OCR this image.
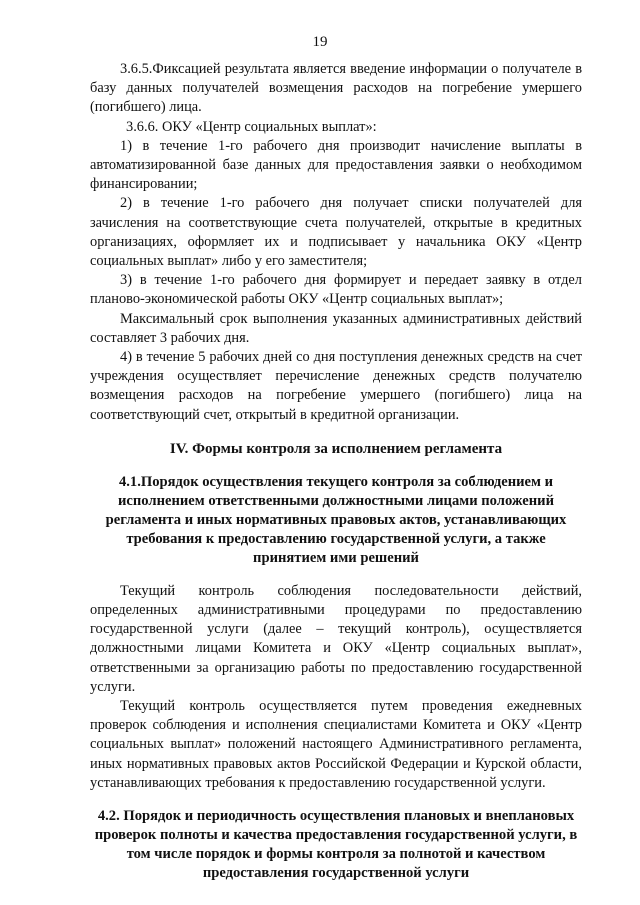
19

3.6.5.Фиксацией результата является введение информации о получателе в базу данных получателей возмещения расходов на погребение умершего (погибшего) лица.

3.6.6. ОКУ «Центр социальных выплат»:

1) в течение 1-го рабочего дня производит начисление выплаты в автоматизированной базе данных для предоставления заявки о необходимом финансировании;

2) в течение 1-го рабочего дня получает списки получателей для зачисления на соответствующие счета получателей, открытые в кредитных организациях, оформляет их и подписывает у начальника ОКУ «Центр социальных выплат» либо у его заместителя;

3) в течение 1-го рабочего дня формирует и передает заявку в отдел планово-экономической работы ОКУ «Центр социальных выплат»;

Максимальный срок выполнения указанных административных действий составляет 3 рабочих дня.

4) в течение 5 рабочих дней со дня поступления денежных средств на счет учреждения осуществляет перечисление денежных средств получателю возмещения расходов на погребение умершего (погибшего) лица на соответствующий счет, открытый в кредитной организации.

IV. Формы контроля за исполнением регламента

4.1.Порядок осуществления текущего контроля за соблюдением и исполнением ответственными должностными лицами положений регламента и иных нормативных правовых актов, устанавливающих требования к предоставлению государственной услуги, а также принятием ими решений

Текущий контроль соблюдения последовательности действий, определенных административными процедурами по предоставлению государственной услуги (далее – текущий контроль), осуществляется должностными лицами Комитета и ОКУ «Центр социальных выплат», ответственными за организацию работы по предоставлению государственной услуги.

Текущий контроль осуществляется путем проведения ежедневных проверок соблюдения и исполнения специалистами Комитета и ОКУ «Центр социальных выплат» положений настоящего Административного регламента, иных нормативных правовых актов Российской Федерации и Курской области, устанавливающих требования к предоставлению государственной услуги.

4.2. Порядок и периодичность осуществления плановых и внеплановых проверок полноты и качества предоставления государственной услуги, в том числе порядок и формы контроля за полнотой и качеством предоставления государственной услуги
